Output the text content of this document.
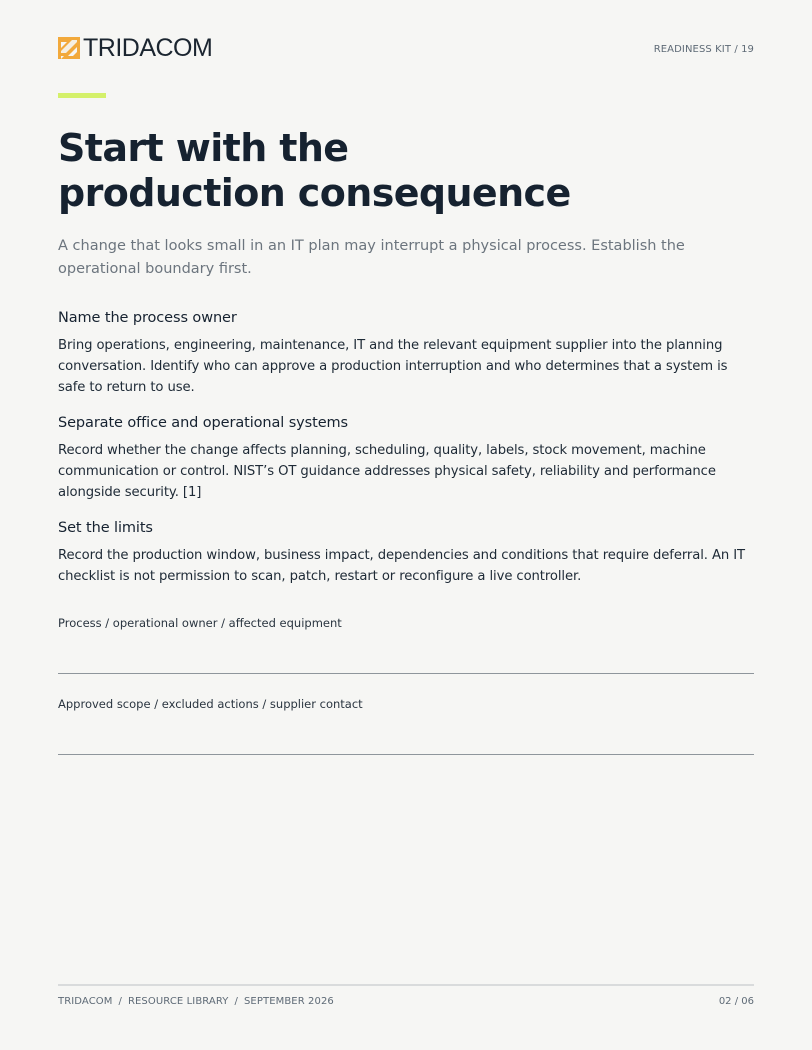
TRIDACOM	READINESS KIT / 19
Start with the production consequence

A change that looks small in an IT plan may interrupt a physical process. Establish the operational boundary first.

Name the process owner

Bring operations, engineering, maintenance, IT and the relevant equipment supplier into the planning conversation. Identify who can approve a production interruption and who determines that a system is safe to return to use.

Separate office and operational systems

Record whether the change affects planning, scheduling, quality, labels, stock movement, machine communication or control. NIST’s OT guidance addresses physical safety, reliability and performance alongside security. [1]

Set the limits

Record the production window, business impact, dependencies and conditions that require deferral. An IT checklist is not permission to scan, patch, restart or reconfigure a live controller.

Process / operational owner / affected equipment
Approved scope / excluded actions / supplier contact
TRIDACOM / RESOURCE LIBRARY / SEPTEMBER 2026	02 / 06
